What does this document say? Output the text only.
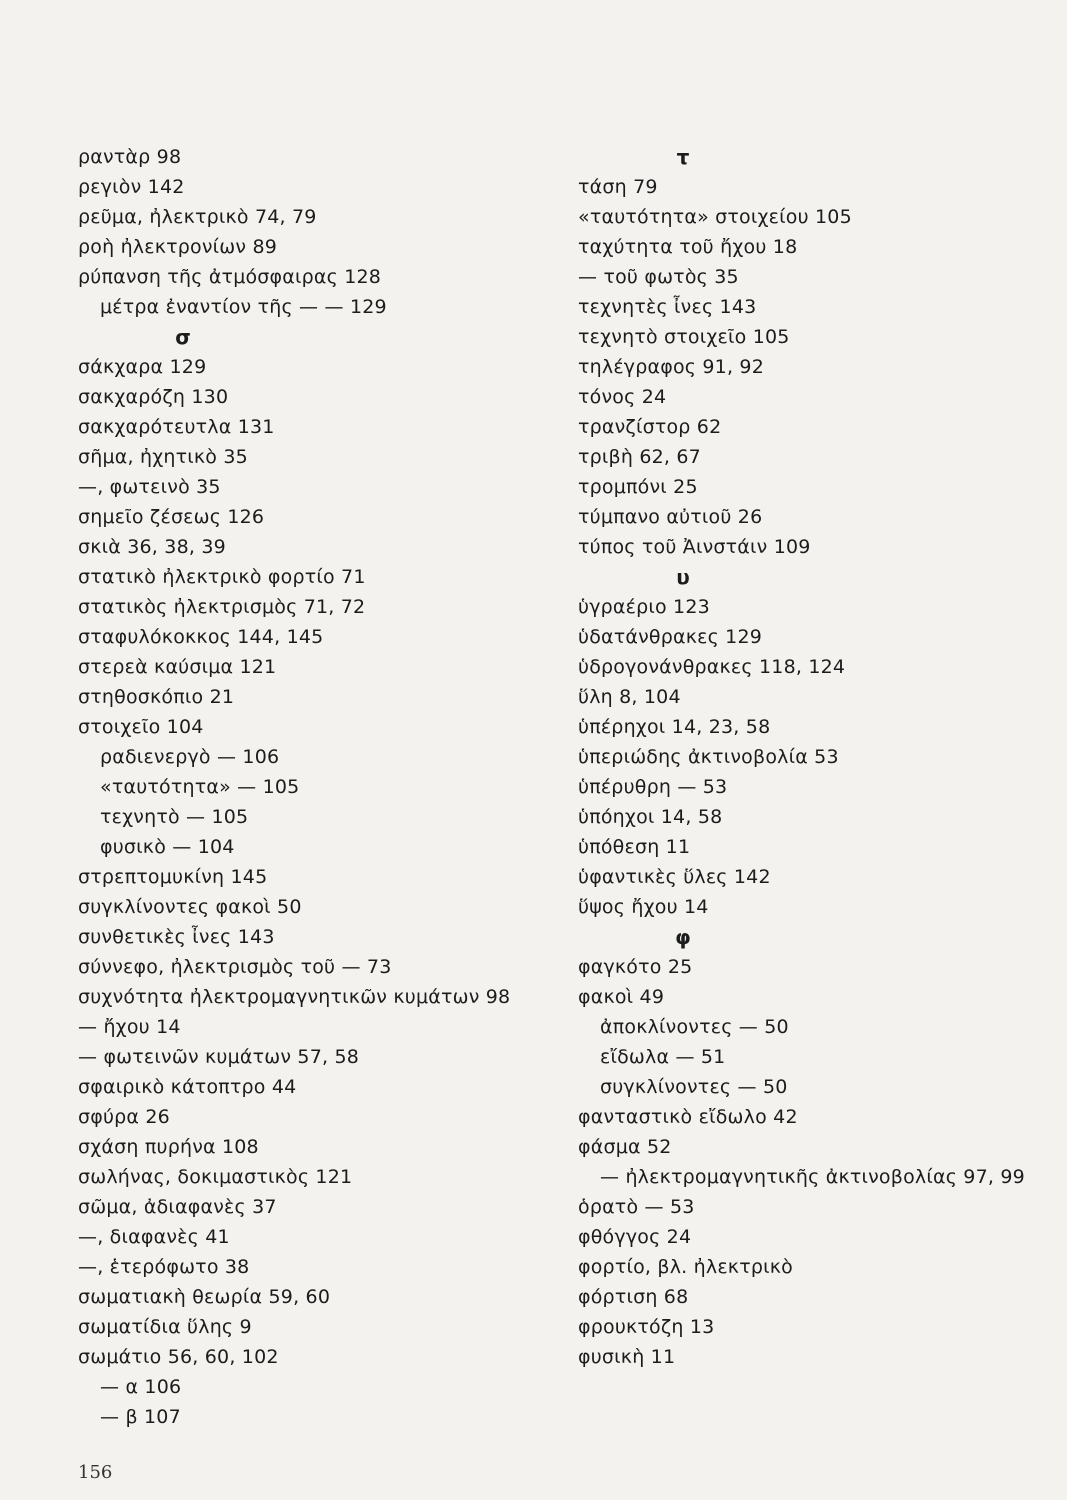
ραντὰρ 98
ρεγιὸν 142
ρεῦμα, ἠλεκτρικὸ 74, 79
ροὴ ἠλεκτρονίων 89
ρύπανση τῆς ἀτμόσφαιρας 128
μέτρα ἐναντίον τῆς — — 129
σ
σάκχαρα 129
σακχαρόζη 130
σακχαρότευτλα 131
σῆμα, ἠχητικὸ 35
—, φωτεινὸ 35
σημεῖο ζέσεως 126
σκιὰ 36, 38, 39
στατικὸ ἠλεκτρικὸ φορτίο 71
στατικὸς ἠλεκτρισμὸς 71, 72
σταφυλόκοκκος 144, 145
στερεὰ καύσιμα 121
στηθοσκόπιο 21
στοιχεῖο 104
ραδιενεργὸ — 106
«ταυτότητα» — 105
τεχνητὸ — 105
φυσικὸ — 104
στρεπτομυκίνη 145
συγκλίνοντες φακοὶ 50
συνθετικὲς ἶνες 143
σύννεφο, ἠλεκτρισμὸς τοῦ — 73
συχνότητα ἠλεκτρομαγνητικῶν κυμάτων 98
— ἤχου 14
— φωτεινῶν κυμάτων 57, 58
σφαιρικὸ κάτοπτρο 44
σφύρα 26
σχάση πυρήνα 108
σωλήνας, δοκιμαστικὸς 121
σῶμα, ἀδιαφανὲς 37
—, διαφανὲς 41
—, ἑτερόφωτο 38
σωματιακὴ θεωρία 59, 60
σωματίδια ὕλης 9
σωμάτιο 56, 60, 102
— α 106
— β 107
τ
τάση 79
«ταυτότητα» στοιχείου 105
ταχύτητα τοῦ ἤχου 18
— τοῦ φωτὸς 35
τεχνητὲς ἶνες 143
τεχνητὸ στοιχεῖο 105
τηλέγραφος 91, 92
τόνος 24
τρανζίστορ 62
τριβὴ 62, 67
τρομπόνι 25
τύμπανο αὐτιοῦ 26
τύπος τοῦ Ἀινστάιν 109
υ
ὑγραέριο 123
ὑδατάνθρακες 129
ὑδρογονάνθρακες 118, 124
ὕλη 8, 104
ὑπέρηχοι 14, 23, 58
ὑπεριώδης ἀκτινοβολία 53
ὑπέρυθρη — 53
ὑπόηχοι 14, 58
ὑπόθεση 11
ὑφαντικὲς ὕλες 142
ὕψος ἤχου 14
φ
φαγκότο 25
φακοὶ 49
ἀποκλίνοντες — 50
εἴδωλα — 51
συγκλίνοντες — 50
φανταστικὸ εἴδωλο 42
φάσμα 52
— ἠλεκτρομαγνητικῆς ἀκτινοβολίας 97, 99
ὁρατὸ — 53
φθόγγος 24
φορτίο, βλ. ἠλεκτρικὸ
φόρτιση 68
φρουκτόζη 13
φυσικὴ 11
156
